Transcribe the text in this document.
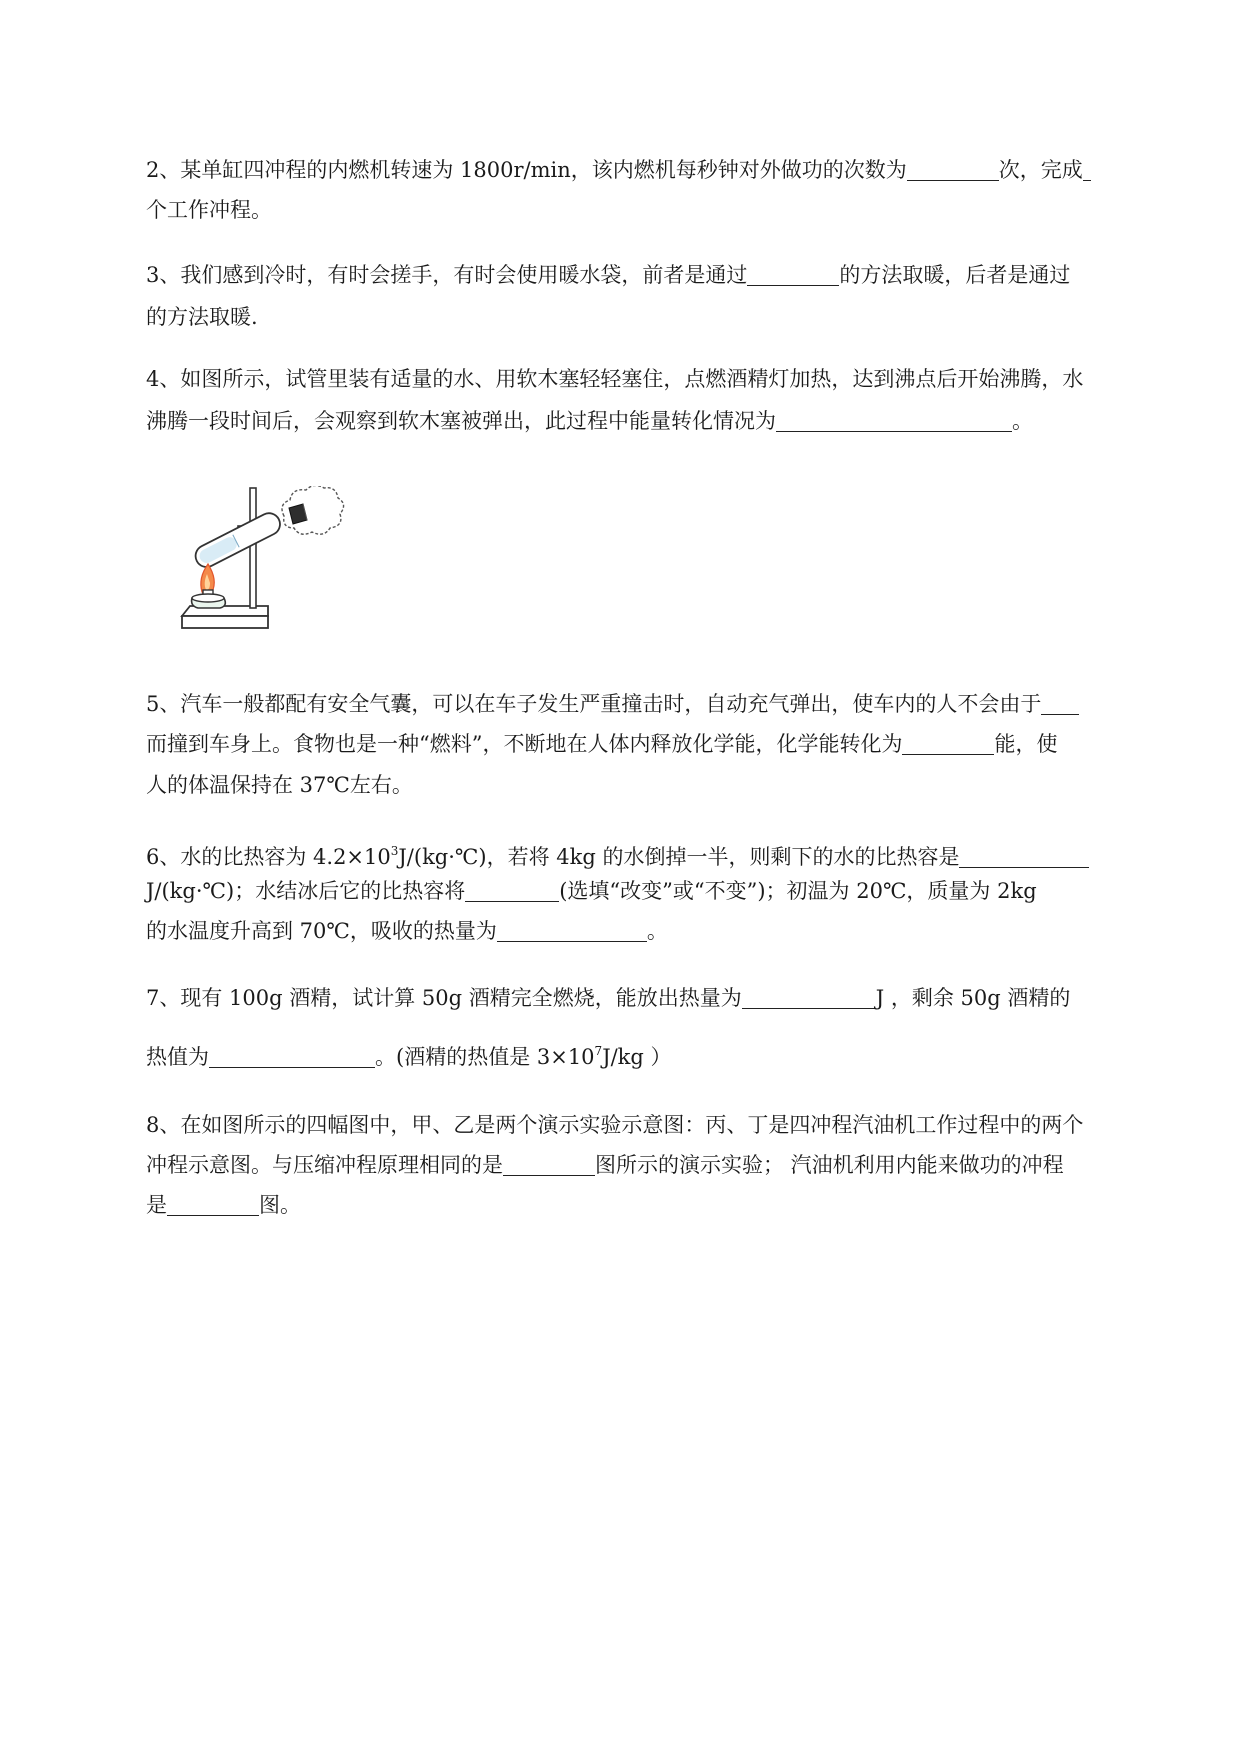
2、某单缸四冲程的内燃机转速为 1800r/min，该内燃机每秒钟对外做功的次数为	次，完成
个工作冲程。
3、我们感到冷时，有时会搓手，有时会使用暖水袋，前者是通过	的方法取暖，后者是通过
的方法取暖.
4、如图所示，试管里装有适量的水、用软木塞轻轻塞住，点燃酒精灯加热，达到沸点后开始沸腾，水
沸腾一段时间后，会观察到软木塞被弹出，此过程中能量转化情况为	。
5、汽车一般都配有安全气囊，可以在车子发生严重撞击时，自动充气弹出，使车内的人不会由于
而撞到车身上。食物也是一种“燃料”，不断地在人体内释放化学能，化学能转化为	能，使
人的体温保持在 37℃左右。
6、水的比热容为 $4.2\times 10^3J/(kg\cdot℃)$，若将 4kg 的水倒掉一半，则剩下的水的比热容是
J/(kg·℃)；水结冰后它的比热容将	(选填“改变”或“不变”)；初温为 20℃，质量为 2kg
的水温度升高到 70℃，吸收的热量为	。
7、现有 100g 酒精，试计算 50g 酒精完全燃烧，能放出热量为	J ，剩余 50g 酒精的
热值为	。(酒精的热值是 $3\times 10^7J/kg$ ）
8、在如图所示的四幅图中，甲、乙是两个演示实验示意图：丙、丁是四冲程汽油机工作过程中的两个
冲程示意图。与压缩冲程原理相同的是	图所示的演示实验； 汽油机利用内能来做功的冲程
是	图。
